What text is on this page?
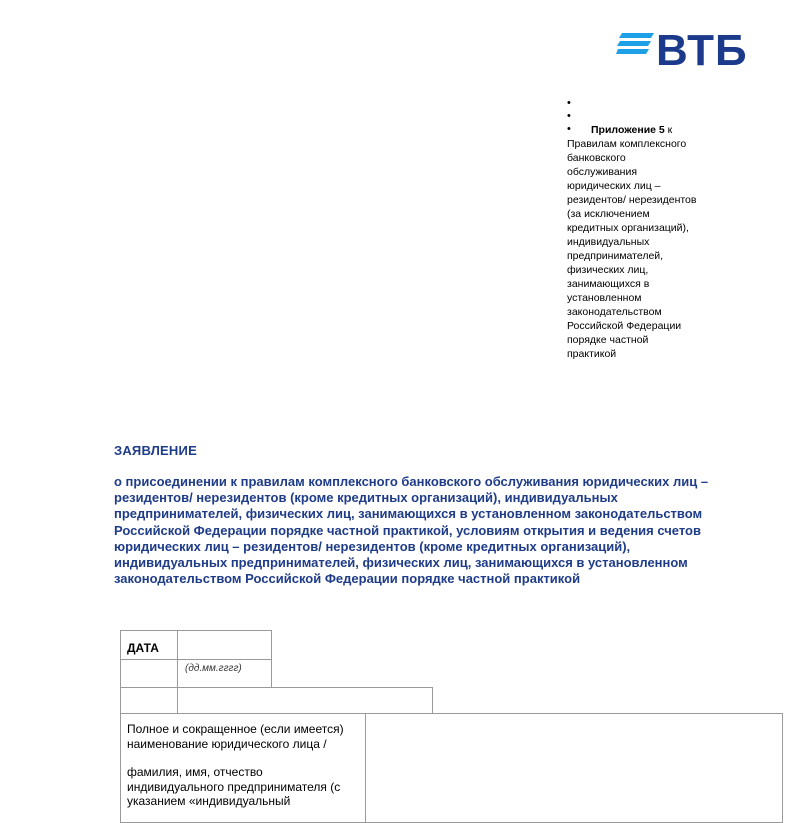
ВТБ
•
•
•	Приложение 5 к
Правилам комплексного банковского обслуживания юридических лиц – резидентов/ нерезидентов (за исключением кредитных организаций), индивидуальных предпринимателей, физических лиц, занимающихся в установленном законодательством Российской Федерации порядке частной практикой
ЗАЯВЛЕНИЕ
о присоединении к правилам комплексного банковского обслуживания юридических лиц – резидентов/ нерезидентов (кроме кредитных организаций), индивидуальных предпринимателей, физических лиц, занимающихся в установленном законодательством Российской Федерации порядке частной практикой, условиям открытия и ведения счетов юридических лиц – резидентов/ нерезидентов (кроме кредитных организаций), индивидуальных предпринимателей, физических лиц, занимающихся в установленном законодательством Российской Федерации порядке частной практикой
ДАТА
(дд.мм.гггг)
Полное и сокращенное (если имеется) наименование юридического лица /
фамилия, имя, отчество индивидуального предпринимателя (с указанием «индивидуальный
